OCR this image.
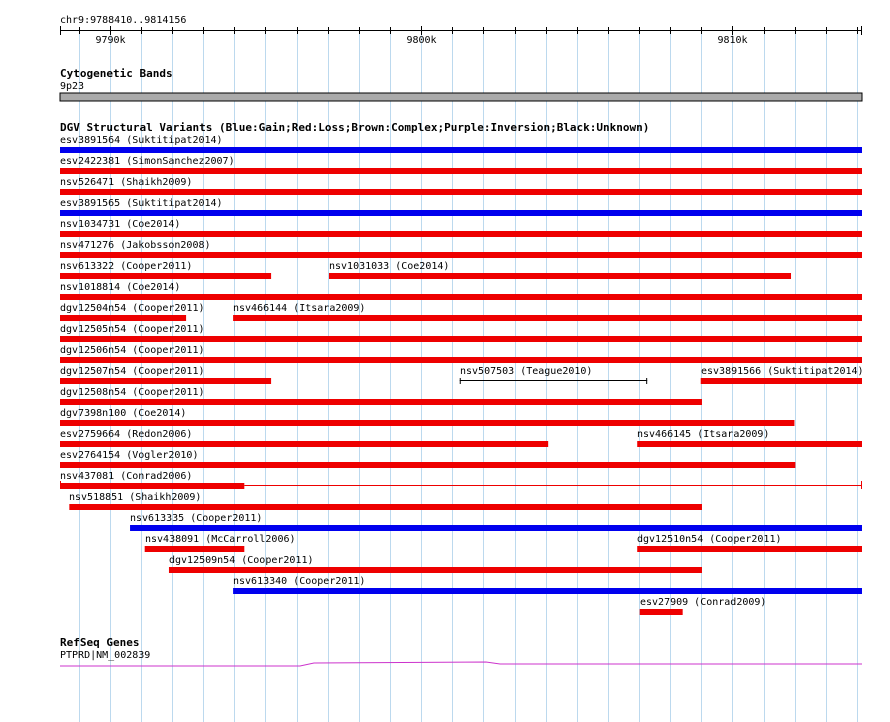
chr9:9788410..9814156
9790k	9800k	9810k
Cytogenetic Bands
9p23
DGV Structural Variants (Blue:Gain;Red:Loss;Brown:Complex;Purple:Inversion;Black:Unknown)
esv3891564 (Suktitipat2014)
esv2422381 (SimonSanchez2007)
nsv526471 (Shaikh2009)
esv3891565 (Suktitipat2014)
nsv1034731 (Coe2014)
nsv471276 (Jakobsson2008)
nsv613322 (Cooper2011)	nsv1031033 (Coe2014)
nsv1018814 (Coe2014)
dgv12504n54 (Cooper2011)	nsv466144 (Itsara2009)
dgv12505n54 (Cooper2011)
dgv12506n54 (Cooper2011)
dgv12507n54 (Cooper2011)	nsv507503 (Teague2010)	esv3891566 (Suktitipat2014)
dgv12508n54 (Cooper2011)
dgv7398n100 (Coe2014)
esv2759664 (Redon2006)	nsv466145 (Itsara2009)
esv2764154 (Vogler2010)
nsv437081 (Conrad2006)
nsv518851 (Shaikh2009)
nsv613335 (Cooper2011)
nsv438091 (McCarroll2006)	dgv12510n54 (Cooper2011)
dgv12509n54 (Cooper2011)
nsv613340 (Cooper2011)
esv27909 (Conrad2009)
RefSeq Genes
PTPRD|NM_002839
